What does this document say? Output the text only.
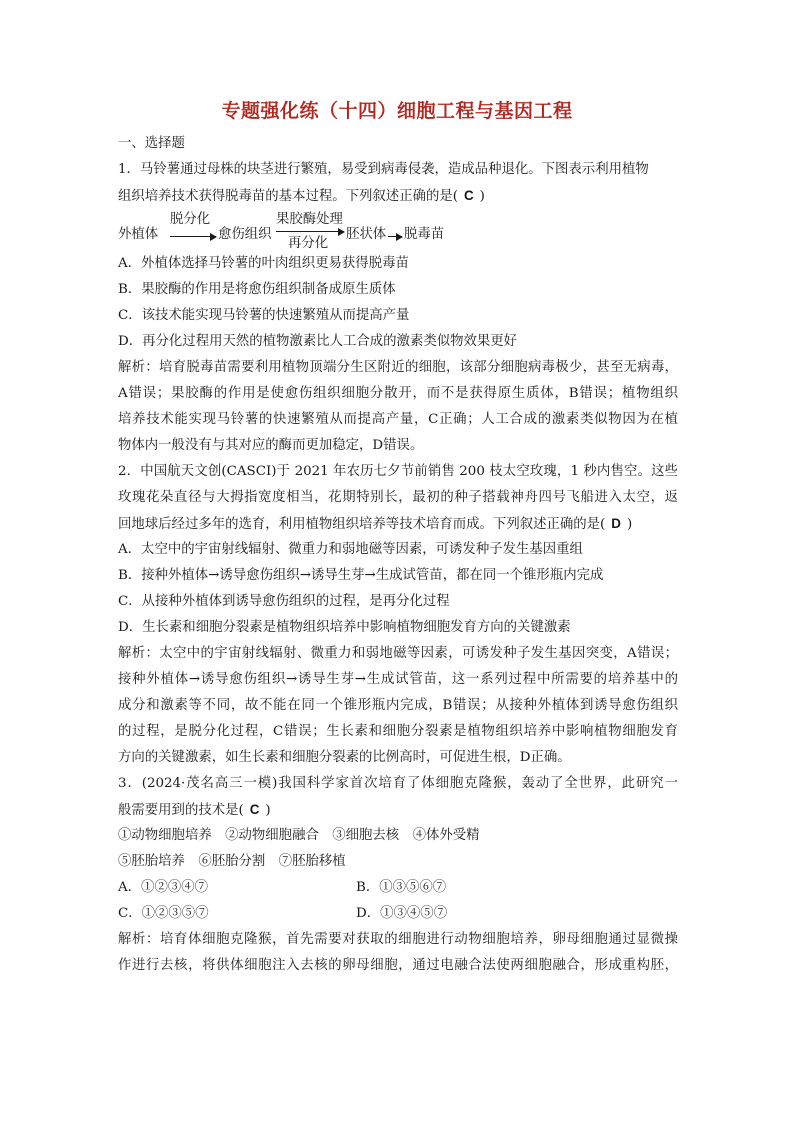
专题强化练（十四）细胞工程与基因工程
一、选择题
1．马铃薯通过母株的块茎进行繁殖，易受到病毒侵袭，造成品种退化。下图表示利用植物
组织培养技术获得脱毒苗的基本过程。下列叙述正确的是( C )
外植体
脱分化
愈伤组织
果胶酶处理
再分化
胚状体 脱毒苗
A．外植体选择马铃薯的叶肉组织更易获得脱毒苗
B．果胶酶的作用是将愈伤组织制备成原生质体
C．该技术能实现马铃薯的快速繁殖从而提高产量
D．再分化过程用天然的植物激素比人工合成的激素类似物效果更好
解析：培育脱毒苗需要利用植物顶端分生区附近的细胞，该部分细胞病毒极少，甚至无病毒，
A错误；果胶酶的作用是使愈伤组织细胞分散开，而不是获得原生质体，B错误；植物组织
培养技术能实现马铃薯的快速繁殖从而提高产量，C正确；人工合成的激素类似物因为在植
物体内一般没有与其对应的酶而更加稳定，D错误。
2．中国航天文创(CASCI)于 2021 年农历七夕节前销售 200 枝太空玫瑰，1 秒内售空。这些
玫瑰花朵直径与大拇指宽度相当，花期特别长，最初的种子搭载神舟四号飞船进入太空，返
回地球后经过多年的选育，利用植物组织培养等技术培育而成。下列叙述正确的是( D )
A．太空中的宇宙射线辐射、微重力和弱地磁等因素，可诱发种子发生基因重组
B．接种外植体→诱导愈伤组织→诱导生芽→生成试管苗，都在同一个锥形瓶内完成
C．从接种外植体到诱导愈伤组织的过程，是再分化过程
D．生长素和细胞分裂素是植物组织培养中影响植物细胞发育方向的关键激素
解析：太空中的宇宙射线辐射、微重力和弱地磁等因素，可诱发种子发生基因突变，A错误；
接种外植体→诱导愈伤组织→诱导生芽→生成试管苗，这一系列过程中所需要的培养基中的
成分和激素等不同，故不能在同一个锥形瓶内完成，B错误；从接种外植体到诱导愈伤组织
的过程，是脱分化过程，C错误；生长素和细胞分裂素是植物组织培养中影响植物细胞发育
方向的关键激素，如生长素和细胞分裂素的比例高时，可促进生根，D正确。
3．(2024·茂名高三一模)我国科学家首次培育了体细胞克隆猴，轰动了全世界，此研究一
般需要用到的技术是( C )
①动物细胞培养　②动物细胞融合　③细胞去核　④体外受精
⑤胚胎培养　⑥胚胎分割　⑦胚胎移植
A．①②③④⑦	B．①③⑤⑥⑦
C．①②③⑤⑦	D．①③④⑤⑦
解析：培育体细胞克隆猴，首先需要对获取的细胞进行动物细胞培养，卵母细胞通过显微操
作进行去核，将供体细胞注入去核的卵母细胞，通过电融合法使两细胞融合，形成重构胚，
